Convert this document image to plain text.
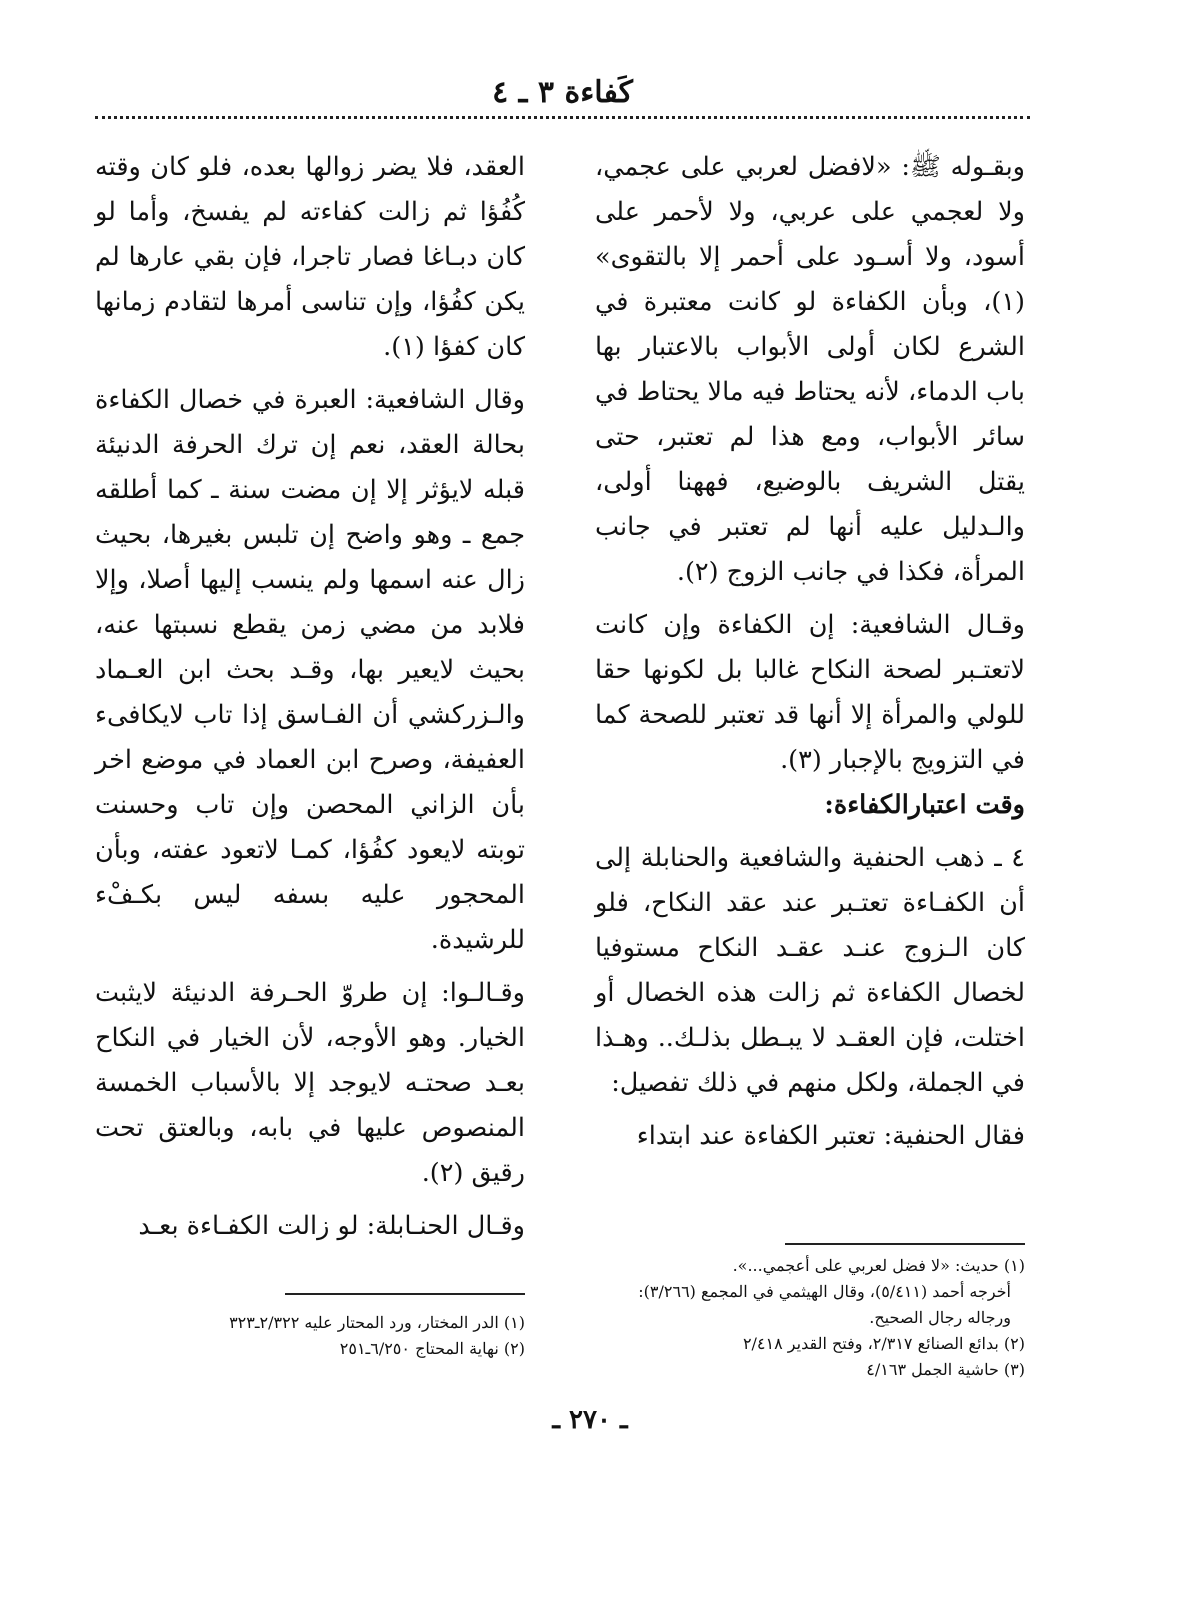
كَفاءة ٣ ـ ٤

وبقـوله ﷺ: «لافضل لعربي على عجمي، ولا لعجمي على عربي، ولا لأحمر على أسود، ولا أسـود على أحمر إلا بالتقوى» (١)، وبأن الكفاءة لو كانت معتبرة في الشرع لكان أولى الأبواب بالاعتبار بها باب الدماء، لأنه يحتاط فيه مالا يحتاط في سائر الأبواب، ومع هذا لم تعتبر، حتى يقتل الشريف بالوضيع، فههنا أولى، والـدليل عليه أنها لم تعتبر في جانب المرأة، فكذا في جانب الزوج (٢).

وقـال الشافعية: إن الكفاءة وإن كانت لاتعتـبر لصحة النكاح غالبا بل لكونها حقا للولي والمرأة إلا أنها قد تعتبر للصحة كما في التزويج بالإجبار (٣).

وقت اعتبارالكفاءة:

٤ ـ ذهب الحنفية والشافعية والحنابلة إلى أن الكفـاءة تعتـبر عند عقد النكاح، فلو كان الـزوج عنـد عقـد النكاح مستوفيا لخصال الكفاءة ثم زالت هذه الخصال أو اختلت، فإن العقـد لا يبـطل بذلـك.. وهـذا في الجملة، ولكل منهم في ذلك تفصيل:

فقال الحنفية: تعتبر الكفاءة عند ابتداء

العقد، فلا يضر زوالها بعده، فلو كان وقته كُفُؤا ثم زالت كفاءته لم يفسخ، وأما لو كان دبـاغا فصار تاجرا، فإن بقي عارها لم يكن كفُؤا، وإن تناسى أمرها لتقادم زمانها كان كفؤا (١).

وقال الشافعية: العبرة في خصال الكفاءة بحالة العقد، نعم إن ترك الحرفة الدنيئة قبله لايؤثر إلا إن مضت سنة ـ كما أطلقه جمع ـ وهو واضح إن تلبس بغيرها، بحيث زال عنه اسمها ولم ينسب إليها أصلا، وإلا فلابد من مضي زمن يقطع نسبتها عنه، بحيث لايعير بها، وقـد بحث ابن العـماد والـزركشي أن الفـاسق إذا تاب لايكافىء العفيفة، وصرح ابن العماد في موضع اخر بأن الزاني المحصن وإن تاب وحسنت توبته لايعود كفُؤا، كمـا لاتعود عفته، وبأن المحجور عليه بسفه ليس بكـفْء للرشيدة.

وقـالـوا: إن طروّ الحـرفة الدنيئة لايثبت الخيار. وهو الأوجه، لأن الخيار في النكاح بعـد صحتـه لايوجد إلا بالأسباب الخمسة المنصوص عليها في بابه، وبالعتق تحت رقيق (٢).

وقـال الحنـابلة: لو زالت الكفـاءة بعـد

(١) حديث: «لا فضل لعربي على أعجمي...».

أخرجه أحمد (٥/٤١١)، وقال الهيثمي في المجمع (٣/٢٦٦): ورجاله رجال الصحيح.

(٢) بدائع الصنائع ٢/٣١٧، وفتح القدير ٢/٤١٨

(٣) حاشية الجمل ٤/١٦٣

(١) الدر المختار، ورد المحتار عليه ٢/٣٢٢ـ٣٢٣

(٢) نهاية المحتاج ٦/٢٥٠ـ٢٥١

ـ ٢٧٠ ـ
